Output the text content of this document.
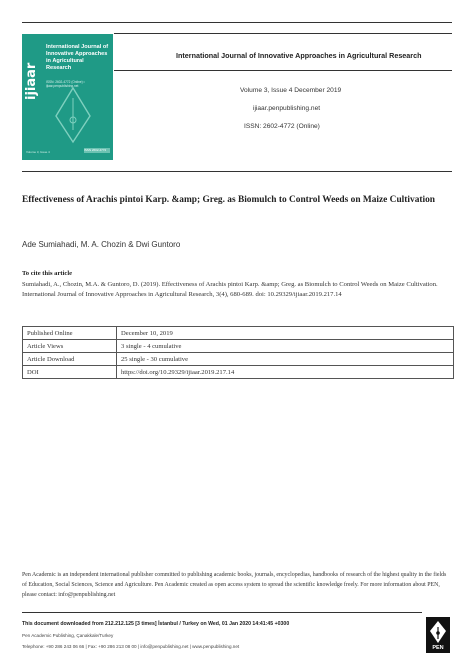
ijiaar
International Journal of Innovative Approaches in Agricultural Research
ISSN: 2602-4772 (Online) • ijiaar.penpublishing.net
Volume 3, Issue 4	ISSN 2602-4772
International Journal of Innovative Approaches in Agricultural Research
Volume 3, Issue 4 December 2019
ijiaar.penpublishing.net
ISSN: 2602-4772 (Online)
Effectiveness of Arachis pintoi Karp. &amp; Greg. as Biomulch to Control Weeds on Maize Cultivation
Ade Sumiahadi, M. A. Chozin & Dwi Guntoro
To cite this article
Sumiahadi, A., Chozin, M.A. & Guntoro, D. (2019). Effectiveness of Arachis pintoi Karp. &amp; Greg. as Biomulch to Control Weeds on Maize Cultivation. International Journal of Innovative Approaches in Agricultural Research, 3(4), 680-689. doi: 10.29329/ijiaar.2019.217.14
Published Online	December 10, 2019
Article Views	3 single - 4 cumulative
Article Download	25 single - 30 cumulative
DOI	https://doi.org/10.29329/ijiaar.2019.217.14
Pen Academic is an independent international publisher committed to publishing academic books, journals, encyclopedias, handbooks of research of the highest quality in the fields of Education, Social Sciences, Science and Agriculture. Pen Academic created as open access system to spread the scientific knowledge freely. For more information about PEN, please contact: info@penpublishing.net
This document downloaded from 212.212.125 [3 times] İstanbul / Turkey on Wed, 01 Jan 2020 14:41:45 +0300
Pen Academic Publishing, Çanakkale/Turkey
Telephone: +90 286 243 06 66 | Fax: +90 286 213 08 00 | info@penpublishing.net | www.penpublishing.net	PEN
